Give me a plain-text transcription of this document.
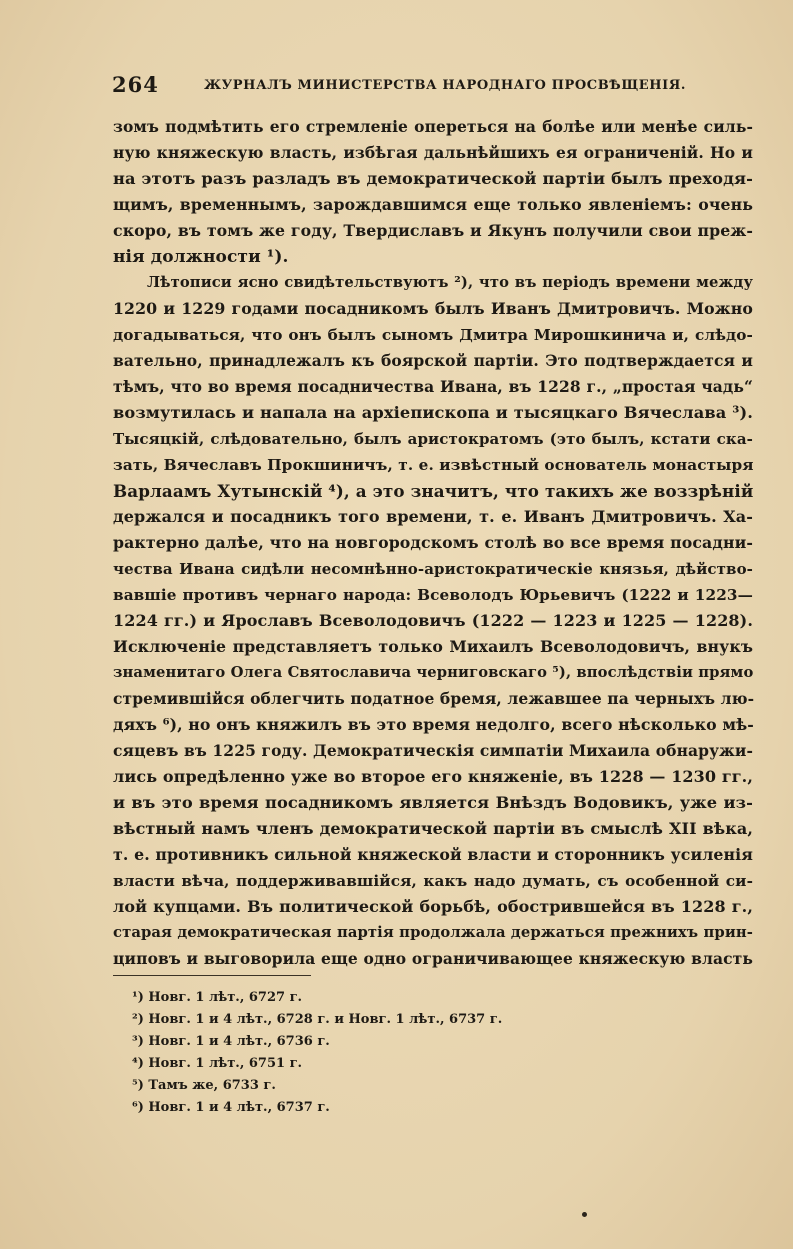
264	ЖУРНАЛЪ МИНИСТЕРСТВА НАРОДНАГО ПРОСВѢЩЕНІЯ.
зомъ подмѣтить его стремленіе опереться на болѣе или менѣе силь-
ную княжескую власть, избѣгая дальнѣйшихъ ея ограниченій. Но и
на этотъ разъ разладъ въ демократической партіи былъ преходя-
щимъ, временнымъ, зарождавшимся еще только явленіемъ: очень
скоро, въ томъ же году, Твердиславъ и Якунъ получили свои преж-
нія должности ¹).
Лѣтописи ясно свидѣтельствуютъ ²), что въ періодъ времени между
1220 и 1229 годами посадникомъ былъ Иванъ Дмитровичъ. Можно
догадываться, что онъ былъ сыномъ Дмитра Мирошкинича и, слѣдо-
вательно, принадлежалъ къ боярской партіи. Это подтверждается и
тѣмъ, что во время посадничества Ивана, въ 1228 г., „простая чадь“
возмутилась и напала на архіепископа и тысяцкаго Вячеслава ³).
Тысяцкій, слѣдовательно, былъ аристократомъ (это былъ, кстати ска-
зать, Вячеславъ Прокшиничъ, т. е. извѣстный основатель монастыря
Варлаамъ Хутынскій ⁴), а это значитъ, что такихъ же воззрѣній
держался и посадникъ того времени, т. е. Иванъ Дмитровичъ. Ха-
рактерно далѣе, что на новгородскомъ столѣ во все время посадни-
чества Ивана сидѣли несомнѣнно-аристократическіе князья, дѣйство-
вавшіе противъ чернаго народа: Всеволодъ Юрьевичъ (1222 и 1223—
1224 гг.) и Ярославъ Всеволодовичъ (1222 — 1223 и 1225 — 1228).
Исключеніе представляетъ только Михаилъ Всеволодовичъ, внукъ
знаменитаго Олега Святославича черниговскаго ⁵), впослѣдствіи прямо
стремившійся облегчить податное бремя, лежавшее па черныхъ лю-
дяхъ ⁶), но онъ княжилъ въ это время недолго, всего нѣсколько мѣ-
сяцевъ въ 1225 году. Демократическія симпатіи Михаила обнаружи-
лись опредѣленно уже во второе его княженіе, въ 1228 — 1230 гг.,
и въ это время посадникомъ является Внѣздъ Водовикъ, уже из-
вѣстный намъ членъ демократической партіи въ смыслѣ XII вѣка,
т. е. противникъ сильной княжеской власти и сторонникъ усиленія
власти вѣча, поддерживавшійся, какъ надо думать, съ особенной си-
лой купцами. Въ политической борьбѣ, обострившейся въ 1228 г.,
старая демократическая партія продолжала держаться прежнихъ прин-
циповъ и выговорила еще одно ограничивающее княжескую власть
¹) Новг. 1 лѣт., 6727 г.
²) Новг. 1 и 4 лѣт., 6728 г. и Новг. 1 лѣт., 6737 г.
³) Новг. 1 и 4 лѣт., 6736 г.
⁴) Новг. 1 лѣт., 6751 г.
⁵) Тамъ же, 6733 г.
⁶) Новг. 1 и 4 лѣт., 6737 г.
